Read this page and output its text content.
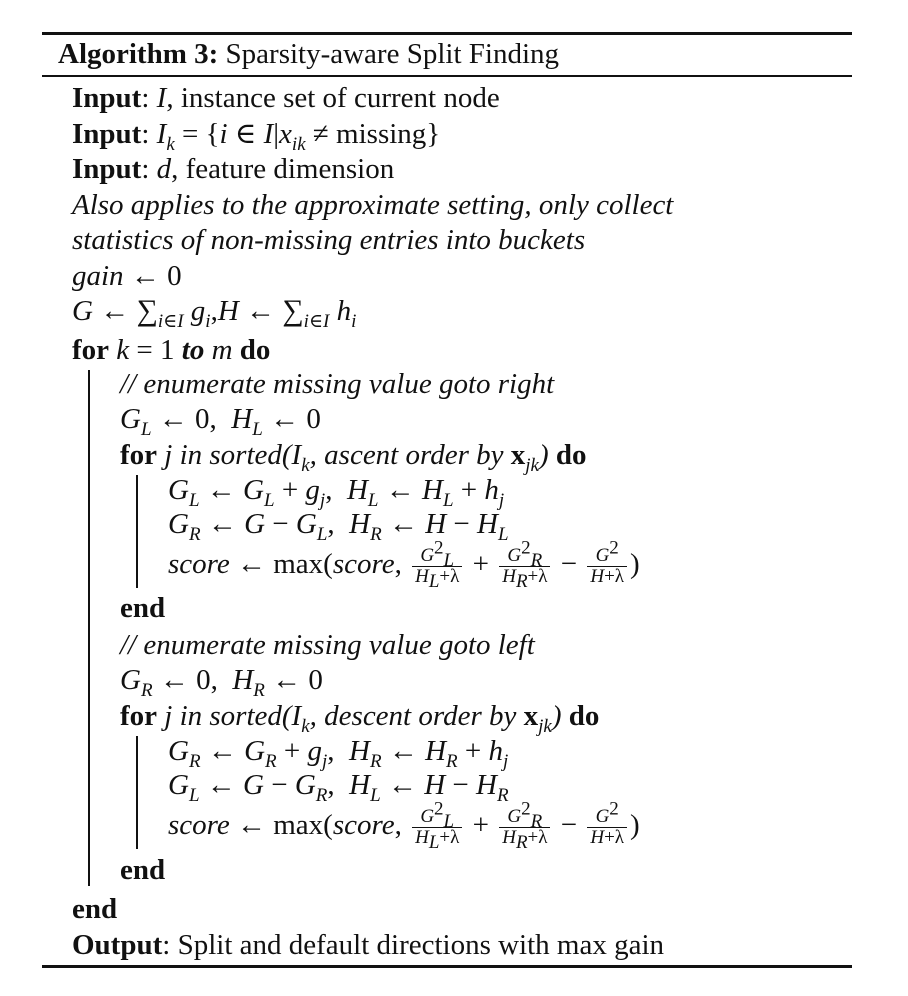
Algorithm 3: Sparsity-aware Split Finding
Input: I, instance set of current node
Input: $I_k = \{i$ ∈ $I|x_{ik} \ne missing$}
Input: d, feature dimension
Also applies to the approximate setting, only collect
statistics of non-missing entries into buckets
gain ← 0
G ← $\sum_{i\in I}$ $g_i,H$ ← $\sum_{i\in I}$ $h_i$
for k = 1 to m do
// enumerate missing value goto right
$G_L$ ← 0,  $H_L$ ← 0
for j in $sorted(I_k$, ascent order by $x_{jk}$) do
$G_L$ ← $G_L + g_j$,  $H_L$ ← $H_L + h_j$
$G_R$ ← $G - G_L$,  $H_R$ ← $H - H_L$
score ← max(score, $\frac{G^2_L}{H_L+\lambda} + \frac{G^2_R}{H_R+\lambda} - \frac{G^2}{H+\lambda}$ )
end
// enumerate missing value goto left
$G_R$ ← 0,  $H_R$ ← 0
for j in $sorted(I_k$, descent order by $x_{jk}$) do
$G_R$ ← $G_R + g_j$,  $H_R$ ← $H_R + h_j$
$G_L$ ← $G - G_R$,  $H_L$ ← $H - H_R$
score ← max(score, $\frac{G^2_L}{H_L+\lambda} + \frac{G^2_R}{H_R+\lambda} - \frac{G^2}{H+\lambda}$ )
end
end
Output: Split and default directions with max gain
